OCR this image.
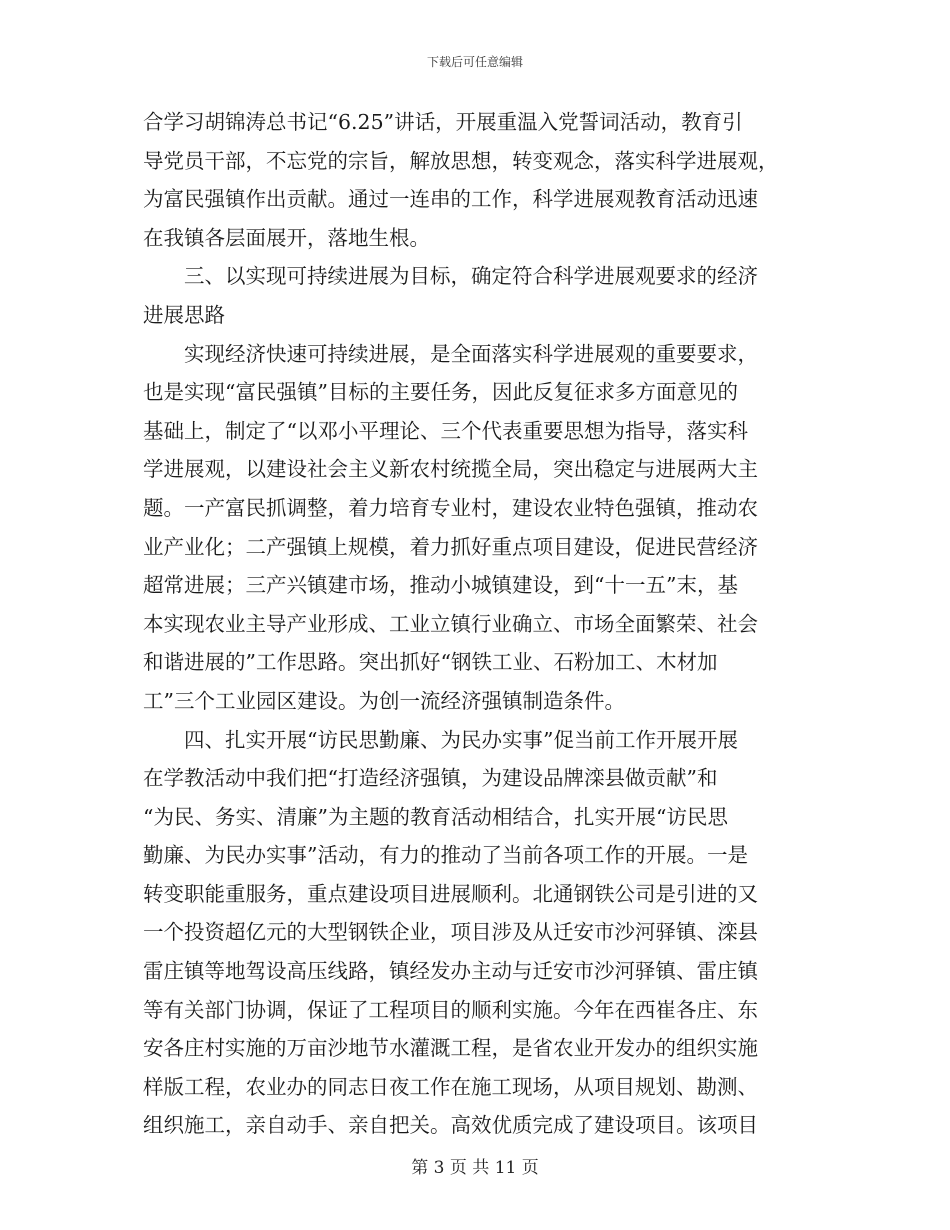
下载后可任意编辑
合学习胡锦涛总书记“6.25”讲话，开展重温入党誓词活动，教育引
导党员干部，不忘党的宗旨，解放思想，转变观念，落实科学进展观，
为富民强镇作出贡献。通过一连串的工作，科学进展观教育活动迅速
在我镇各层面展开，落地生根。
　　三、以实现可持续进展为目标，确定符合科学进展观要求的经济
进展思路
　　实现经济快速可持续进展，是全面落实科学进展观的重要要求，
也是实现“富民强镇”目标的主要任务，因此反复征求多方面意见的
基础上，制定了“以邓小平理论、三个代表重要思想为指导，落实科
学进展观，以建设社会主义新农村统揽全局，突出稳定与进展两大主
题。一产富民抓调整，着力培育专业村，建设农业特色强镇，推动农
业产业化；二产强镇上规模，着力抓好重点项目建设，促进民营经济
超常进展；三产兴镇建市场，推动小城镇建设，到“十一五”末，基
本实现农业主导产业形成、工业立镇行业确立、市场全面繁荣、社会
和谐进展的”工作思路。突出抓好“钢铁工业、石粉加工、木材加
工”三个工业园区建设。为创一流经济强镇制造条件。
　　四、扎实开展“访民思勤廉、为民办实事”促当前工作开展开展
在学教活动中我们把“打造经济强镇，为建设品牌滦县做贡献”和
“为民、务实、清廉”为主题的教育活动相结合，扎实开展“访民思
勤廉、为民办实事”活动，有力的推动了当前各项工作的开展。一是
转变职能重服务，重点建设项目进展顺利。北通钢铁公司是引进的又
一个投资超亿元的大型钢铁企业，项目涉及从迁安市沙河驿镇、滦县
雷庄镇等地驾设高压线路，镇经发办主动与迁安市沙河驿镇、雷庄镇
等有关部门协调，保证了工程项目的顺利实施。今年在西崔各庄、东
安各庄村实施的万亩沙地节水灌溉工程，是省农业开发办的组织实施
样版工程，农业办的同志日夜工作在施工现场，从项目规划、勘测、
组织施工，亲自动手、亲自把关。高效优质完成了建设项目。该项目
第 3 页 共 11 页
